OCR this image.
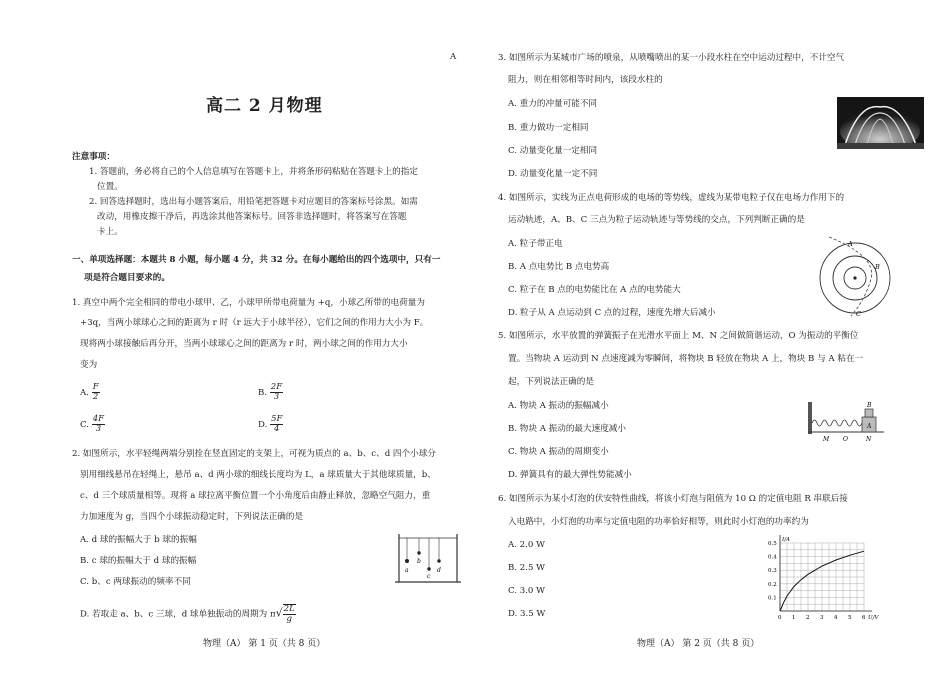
A
高二 2 月物理
注意事项：
1. 答题前，务必将自己的个人信息填写在答题卡上，并将条形码粘贴在答题卡上的指定
位置。
2. 回答选择题时，选出每小题答案后，用铅笔把答题卡对应题目的答案标号涂黑。如需
改动，用橡皮擦干净后，再选涂其他答案标号。回答非选择题时，将答案写在答题
卡上。
一、单项选择题：本题共 8 小题，每小题 4 分，共 32 分。在每小题给出的四个选项中，只有一
项是符合题目要求的。
1. 真空中两个完全相同的带电小球甲、乙，小球甲所带电荷量为 +q，小球乙所带的电荷量为
+3q，当两小球球心之间的距离为 r 时（r 远大于小球半径），它们之间的作用力大小为 F。
现将两小球接触后再分开，当两小球球心之间的距离为 r 时，两小球之间的作用力大小
变为
A. $\frac{F}{2}$	B. $\frac{2F}{3}$
C. $\frac{4F}{3}$	D. $\frac{5F}{4}$
2. 如图所示，水平轻绳两端分别拴在竖直固定的支架上，可视为质点的 a、b、c、d 四个小球分
别用细线悬吊在轻绳上，悬吊 a、d 两小球的细线长度均为 L，a 球质量大于其他球质量，b、
c、d 三个球质量相等。现将 a 球拉离平衡位置一个小角度后由静止释放，忽略空气阻力，重
力加速度为 g，当四个小球振动稳定时，下列说法正确的是
A. d 球的振幅大于 b 球的振幅
B. c 球的振幅大于 d 球的振幅
C. b、c 两球振动的频率不同
D. 若取走 a、b、c 三球，d 球单独振动的周期为 $\pi√ \frac{2L}{g}$
a
b
c
d
物理（A） 第 1 页（共 8 页）
3. 如图所示为某城市广场的喷泉，从喷嘴喷出的某一小段水柱在空中运动过程中，不计空气
阻力，则在相邻相等时间内，该段水柱的
A. 重力的冲量可能不同
B. 重力做功一定相同
C. 动量变化量一定相同
D. 动量变化量一定不同
4. 如图所示，实线为正点电荷形成的电场的等势线，虚线为某带电粒子仅在电场力作用下的
运动轨迹，A、B、C 三点为粒子运动轨迹与等势线的交点，下列判断正确的是
A. 粒子带正电
B. A 点电势比 B 点电势高
C. 粒子在 B 点的电势能比在 A 点的电势能大
D. 粒子从 A 点运动到 C 点的过程，速度先增大后减小
A
B
C
5. 如图所示，水平放置的弹簧振子在光滑水平面上 M、N 之间做简谐运动，O 为振动的平衡位
置。当物块 A 运动到 N 点速度减为零瞬间，将物块 B 轻放在物块 A 上，物块 B 与 A 粘在一
起，下列说法正确的是
A. 物块 A 振动的振幅减小
B. 物块 A 振动的最大速度减小
C. 物块 A 振动的周期变小
D. 弹簧具有的最大弹性势能减小
M O	N
A
B
6. 如图所示为某小灯泡的伏安特性曲线，将该小灯泡与阻值为 10 Ω 的定值电阻 R 串联后接
入电路中，小灯泡的功率与定值电阻的功率恰好相等，则此时小灯泡的功率约为
A. 2.0 W
B. 2.5 W
C. 3.0 W
D. 3.5 W	0 1 2 3 4 5 6
0.1
0.2
0.3
0.4
0.5
U/V
I/A
物理（A） 第 2 页（共 8 页）
